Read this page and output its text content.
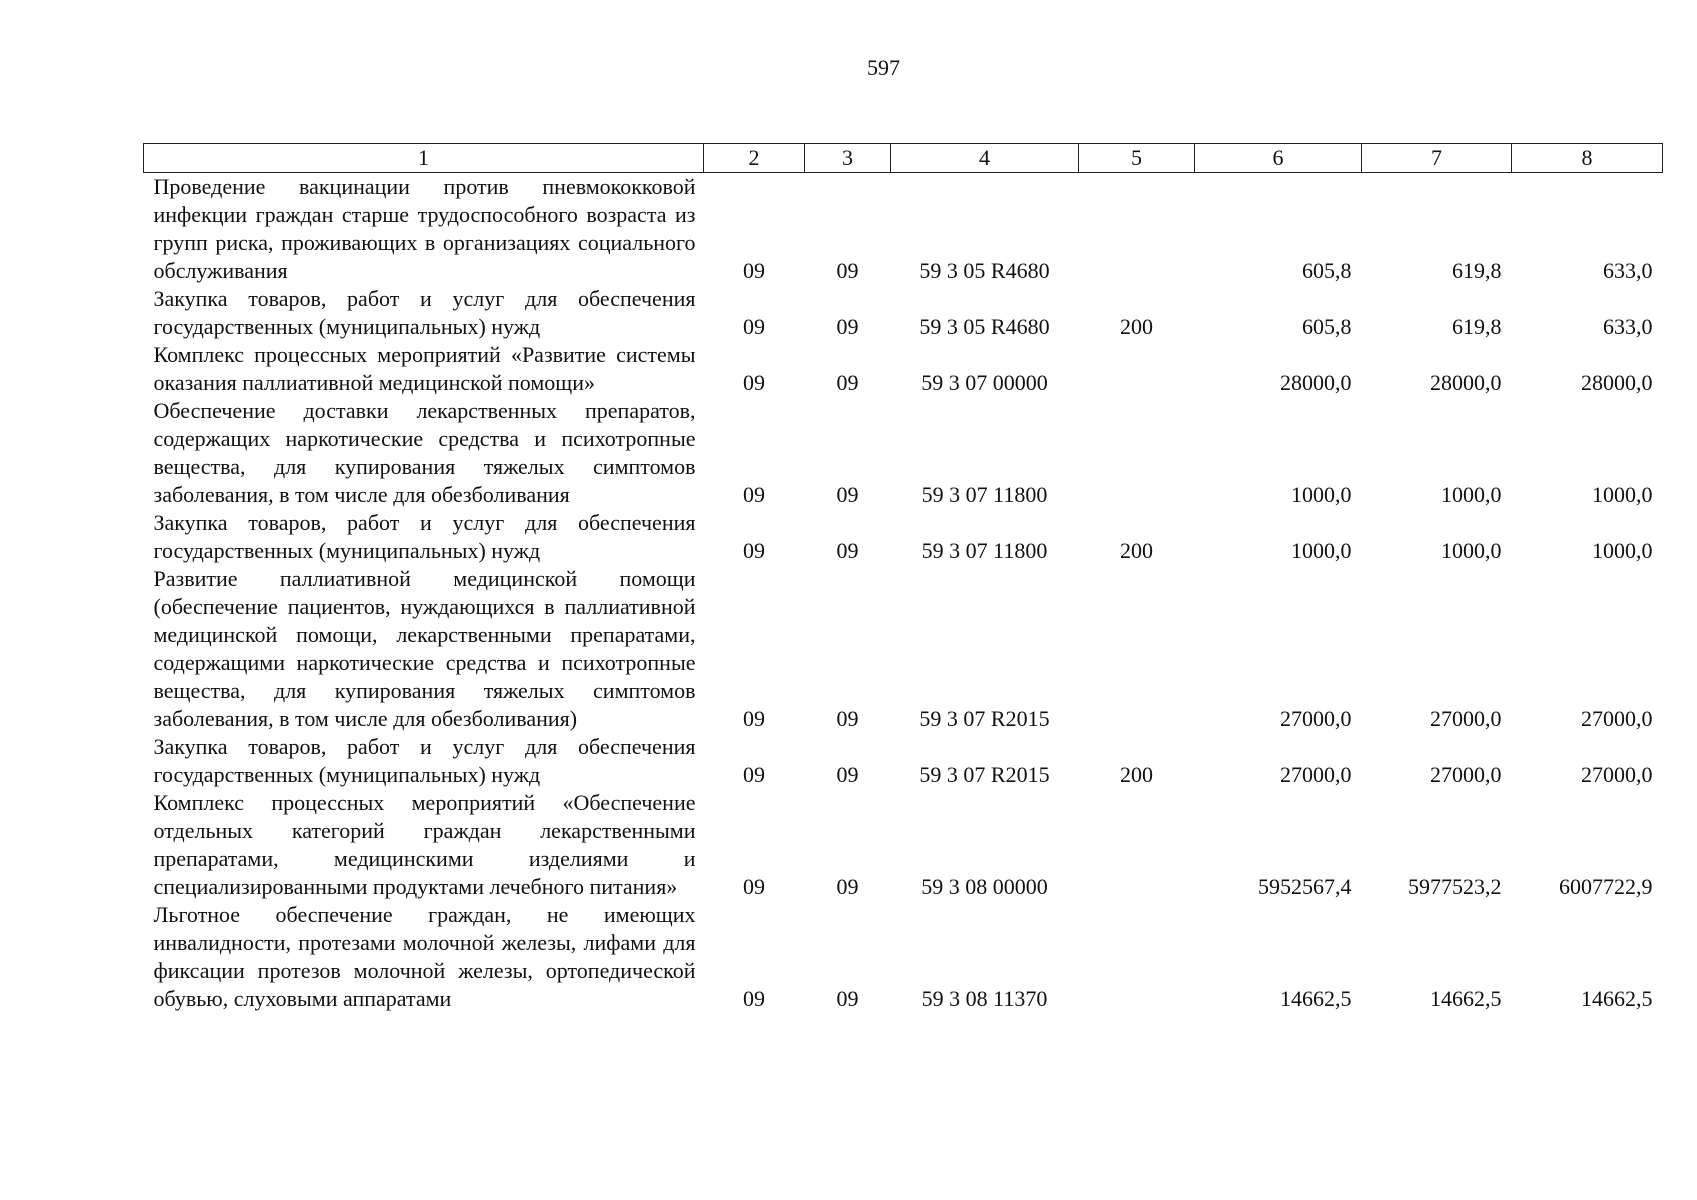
597
1	2	3	4	5	6	7	8
Проведение вакцинации против пневмококковой инфекции граждан старше трудоспособного возраста из групп риска, проживающих в организациях социального обслуживания	09	09	59 3 05 R4680		605,8	619,8	633,0
Закупка товаров, работ и услуг для обеспечения государственных (муниципальных) нужд	09	09	59 3 05 R4680	200	605,8	619,8	633,0
Комплекс процессных мероприятий «Развитие системы оказания паллиативной медицинской помощи»	09	09	59 3 07 00000		28000,0	28000,0	28000,0
Обеспечение доставки лекарственных препаратов, содержащих наркотические средства и психотропные вещества, для купирования тяжелых симптомов заболевания, в том числе для обезболивания	09	09	59 3 07 11800		1000,0	1000,0	1000,0
Закупка товаров, работ и услуг для обеспечения государственных (муниципальных) нужд	09	09	59 3 07 11800	200	1000,0	1000,0	1000,0
Развитие паллиативной медицинской помощи (обеспечение пациентов, нуждающихся в паллиативной медицинской помощи, лекарственными препаратами, содержащими наркотические средства и психотропные вещества, для купирования тяжелых симптомов заболевания, в том числе для обезболивания)	09	09	59 3 07 R2015		27000,0	27000,0	27000,0
Закупка товаров, работ и услуг для обеспечения государственных (муниципальных) нужд	09	09	59 3 07 R2015	200	27000,0	27000,0	27000,0
Комплекс процессных мероприятий «Обеспечение отдельных категорий граждан лекарственными препаратами, медицинскими изделиями и специализированными продуктами лечебного питания»	09	09	59 3 08 00000		5952567,4	5977523,2	6007722,9
Льготное обеспечение граждан, не имеющих инвалидности, протезами молочной железы, лифами для фиксации протезов молочной железы, ортопедической обувью, слуховыми аппаратами	09	09	59 3 08 11370		14662,5	14662,5	14662,5
